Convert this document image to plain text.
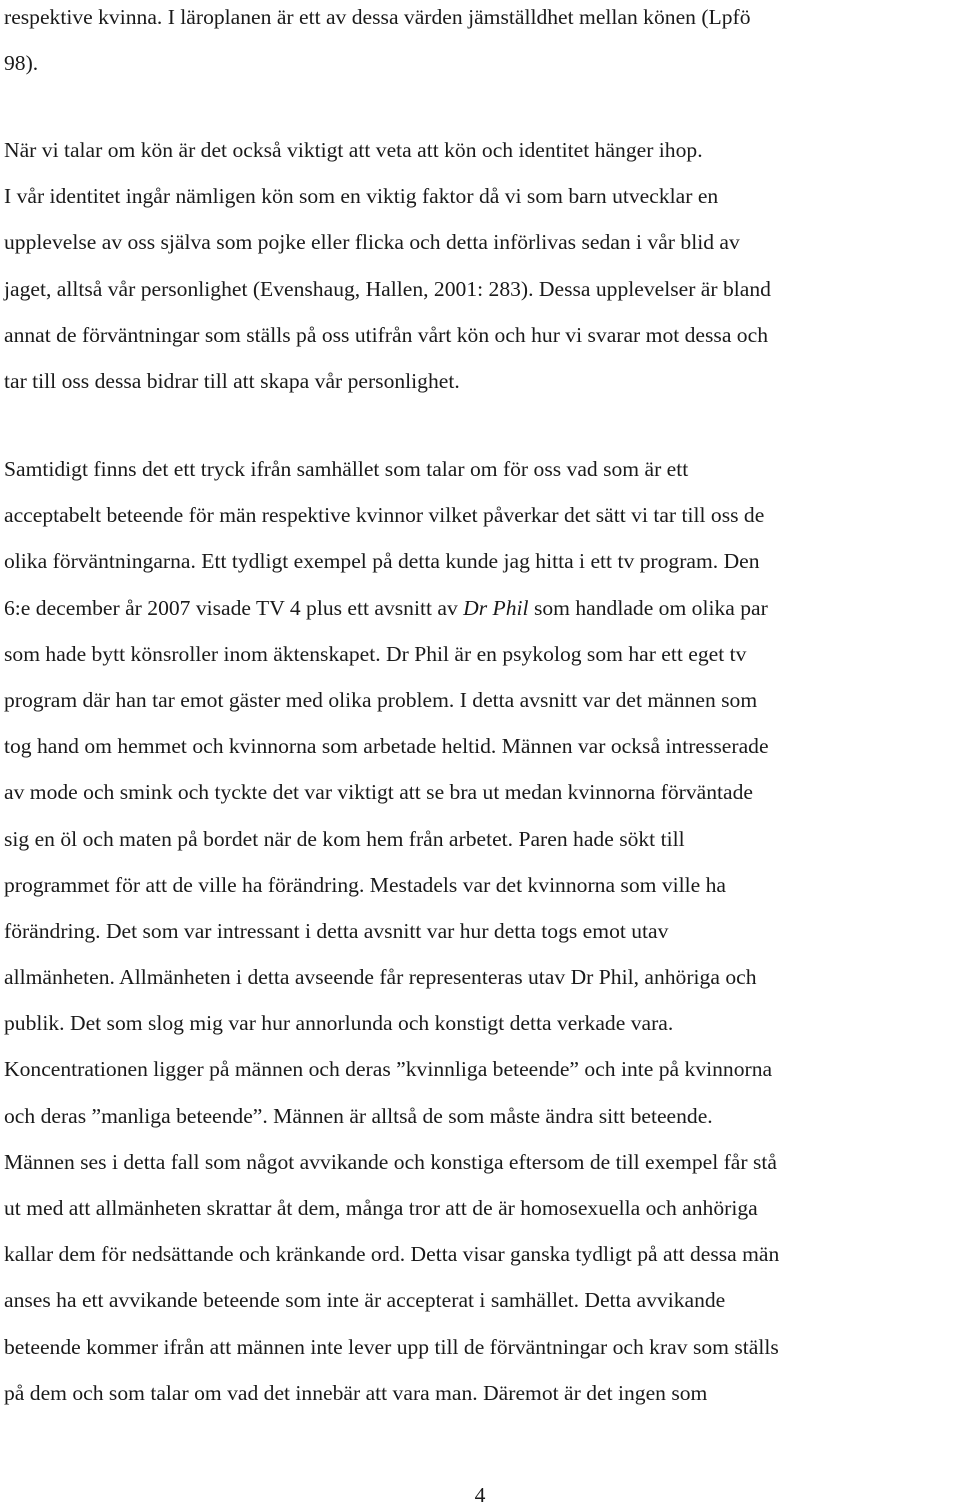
respektive kvinna. I läroplanen är ett av dessa värden jämställdhet mellan könen (Lpfö
98).
När vi talar om kön är det också viktigt att veta att kön och identitet hänger ihop.
I vår identitet ingår nämligen kön som en viktig faktor då vi som barn utvecklar en
upplevelse av oss själva som pojke eller flicka och detta införlivas sedan i vår blid av
jaget, alltså vår personlighet (Evenshaug, Hallen, 2001: 283). Dessa upplevelser är bland
annat de förväntningar som ställs på oss utifrån vårt kön och hur vi svarar mot dessa och
tar till oss dessa bidrar till att skapa vår personlighet.
Samtidigt finns det ett tryck ifrån samhället som talar om för oss vad som är ett
acceptabelt beteende för män respektive kvinnor vilket påverkar det sätt vi tar till oss de
olika förväntningarna. Ett tydligt exempel på detta kunde jag hitta i ett tv program. Den
6:e december år 2007 visade TV 4 plus ett avsnitt av Dr Phil som handlade om olika par
som hade bytt könsroller inom äktenskapet. Dr Phil är en psykolog som har ett eget tv
program där han tar emot gäster med olika problem. I detta avsnitt var det männen som
tog hand om hemmet och kvinnorna som arbetade heltid. Männen var också intresserade
av mode och smink och tyckte det var viktigt att se bra ut medan kvinnorna förväntade
sig en öl och maten på bordet när de kom hem från arbetet. Paren hade sökt till
programmet för att de ville ha förändring. Mestadels var det kvinnorna som ville ha
förändring. Det som var intressant i detta avsnitt var hur detta togs emot utav
allmänheten. Allmänheten i detta avseende får representeras utav Dr Phil, anhöriga och
publik. Det som slog mig var hur annorlunda och konstigt detta verkade vara.
Koncentrationen ligger på männen och deras ”kvinnliga beteende” och inte på kvinnorna
och deras ”manliga beteende”. Männen är alltså de som måste ändra sitt beteende.
Männen ses i detta fall som något avvikande och konstiga eftersom de till exempel får stå
ut med att allmänheten skrattar åt dem, många tror att de är homosexuella och anhöriga
kallar dem för nedsättande och kränkande ord. Detta visar ganska tydligt på att dessa män
anses ha ett avvikande beteende som inte är accepterat i samhället. Detta avvikande
beteende kommer ifrån att männen inte lever upp till de förväntningar och krav som ställs
på dem och som talar om vad det innebär att vara man. Däremot är det ingen som
4
